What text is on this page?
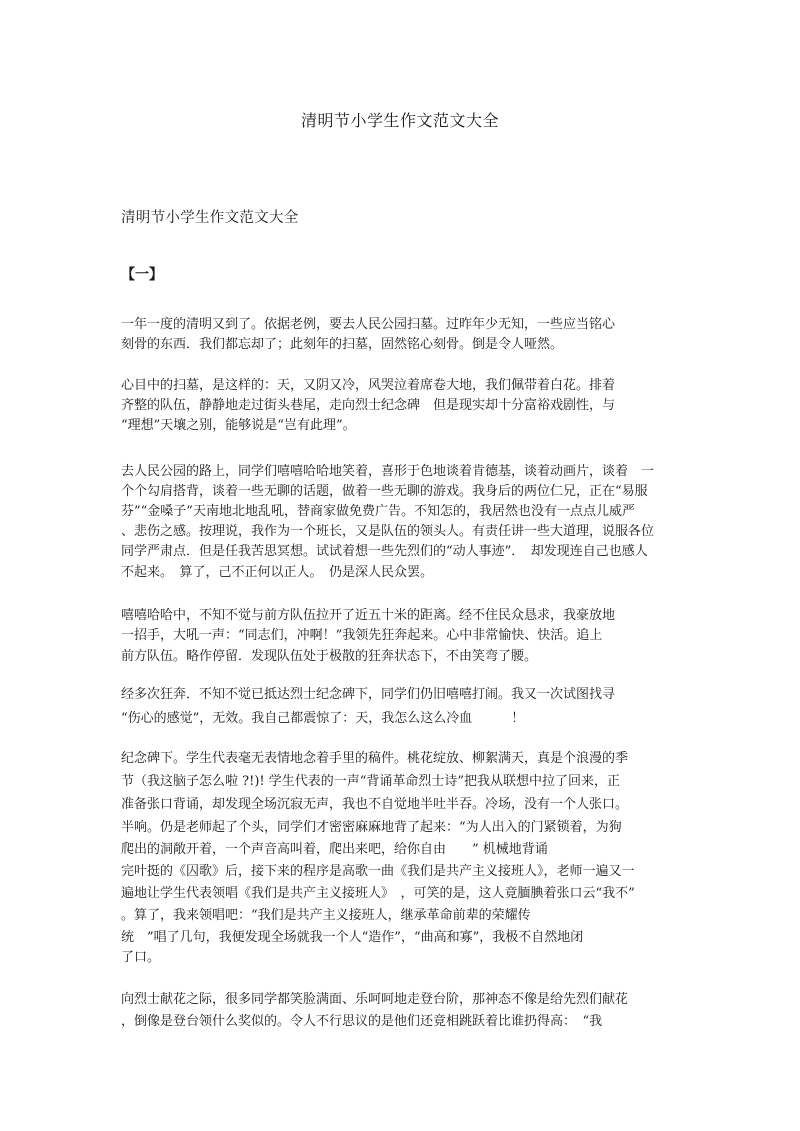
清明节小学生作文范文大全
清明节小学生作文范文大全
【一】
一年一度的清明又到了。依据老例，要去人民公园扫墓。过昨年少无知，一些应当铭心
刻骨的东西．我们都忘却了；此刻年的扫墓，固然铭心刻骨。倒是令人哑然。
心目中的扫墓，是这样的：天，又阴又冷，风哭泣着席卷大地，我们佩带着白花。排着
齐整的队伍，静静地走过街头巷尾，走向烈士纪念碑　但是现实却十分富裕戏剧性，与
“理想”天壤之别，能够说是“岂有此理”。
去人民公园的路上，同学们嘻嘻哈哈地笑着，喜形于色地谈着肯德基，谈着动画片，谈着　一
个个勾肩搭背，谈着一些无聊的话题，做着一些无聊的游戏。我身后的两位仁兄，正在“易服
芬”“金嗓子”天南地北地乱吼，替商家做免费广告。不知怎的，我居然也没有一点点儿威严
、悲伤之感。按理说，我作为一个班长，又是队伍的领头人。有责任讲一些大道理，说服各位
同学严肃点．但是任我苦思冥想。试试着想一些先烈们的“动人事迹”．　却发现连自己也感人
不起来。　算了，己不正何以正人。　仍是深人民众罢。
嘻嘻哈哈中，不知不觉与前方队伍拉开了近五十米的距离。经不住民众恳求，我豪放地
一招手，大吼一声：“同志们，冲啊！”我领先狂奔起来。心中非常愉快、快活。追上
前方队伍。略作停留．发现队伍处于极散的狂奔状态下，不由笑弯了腰。
经多次狂奔．不知不觉已抵达烈士纪念碑下，同学们仍旧嘻嘻打闹。我又一次试图找寻
“伤心的感觉”，无效。我自己都震惊了：天，我怎么这么冷血　　　！
纪念碑下。学生代表毫无表情地念着手里的稿件。桃花绽放、柳絮满天，真是个浪漫的季
节（我这脑子怎么啦 ?!)! 学生代表的一声“背诵革命烈士诗”把我从联想中拉了回来，正
准备张口背诵，却发现全场沉寂无声，我也不自觉地半吐半吞。冷场，没有一个人张口。
半响。仍是老师起了个头，同学们才密密麻麻地背了起来：“为人出入的门紧锁着，为狗
爬出的洞敞开着，一个声音高叫着，爬出来吧，给你自由　　” 机械地背诵
完叶挺的《囚歌》后，接下来的程序是高歌一曲《我们是共产主义接班人》，老师一遍又一
遍地让学生代表领唱《我们是共产主义接班人》　，可笑的是，这人竟腼腆着张口云“我不”
。算了，我来领唱吧：“我们是共产主义接班人，继承革命前辈的荣耀传
统　”唱了几句，我便发现全场就我一个人“造作”，“曲高和寡”，我极不自然地闭
了口。
向烈士献花之际，很多同学都笑脸满面、乐呵呵地走登台阶，那神态不像是给先烈们献花
，倒像是登台领什么奖似的。令人不行思议的是他们还竟相跳跃着比谁扔得高：　“我
